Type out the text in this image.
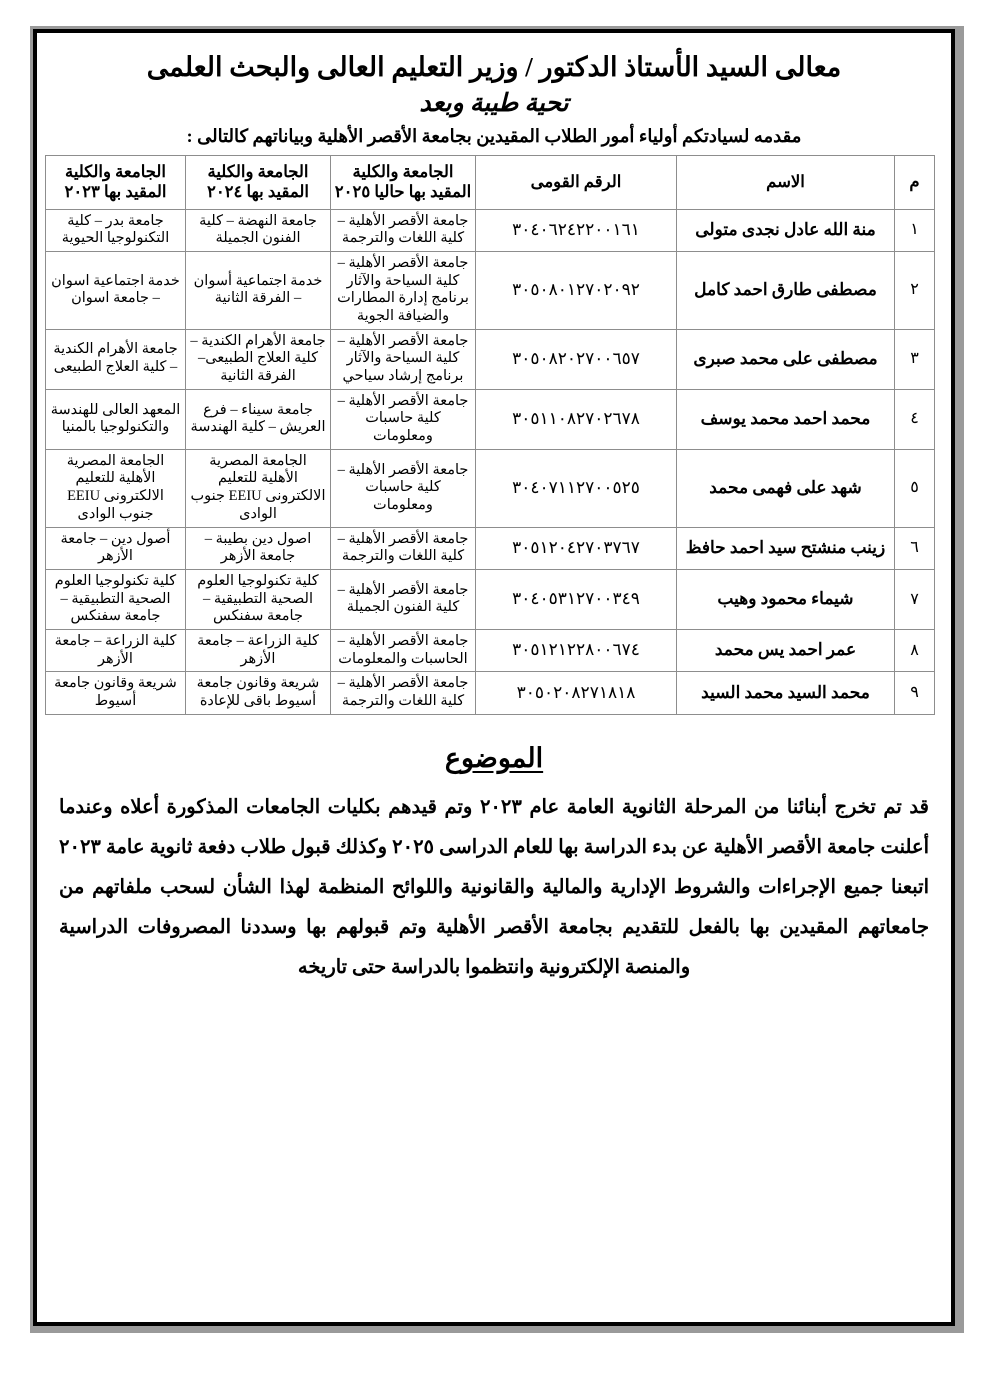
معالى السيد الأستاذ الدكتور / وزير التعليم العالى والبحث العلمى
تحية طيبة وبعد
مقدمه لسيادتكم أولياء أمور الطلاب المقيدين بجامعة الأقصر الأهلية وبياناتهم كالتالى :
م	الاسم	الرقم القومى	الجامعة والكلية المقيد بها حاليا ٢٠٢٥	الجامعة والكلية المقيد بها ٢٠٢٤	الجامعة والكلية المقيد بها ٢٠٢٣
١	منة الله عادل نجدى متولى	٣٠٤٠٦٢٤٢٢٠٠١٦١	جامعة الأقصر الأهلية – كلية اللغات والترجمة	جامعة النهضة – كلية الفنون الجميلة	جامعة بدر – كلية التكنولوجيا الحيوية
٢	مصطفى طارق احمد كامل	٣٠٥٠٨٠١٢٧٠٢٠٩٢	جامعة الأقصر الأهلية – كلية السياحة والآثار برنامج إدارة المطارات والضيافة الجوية	خدمة اجتماعية أسوان – الفرقة الثانية	خدمة اجتماعية اسوان – جامعة اسوان
٣	مصطفى على محمد صبرى	٣٠٥٠٨٢٠٢٧٠٠٦٥٧	جامعة الأقصر الأهلية – كلية السياحة والآثار برنامج إرشاد سياحي	جامعة الأهرام الكندية – كلية العلاج الطبيعى– الفرقة الثانية	جامعة الأهرام الكندية – كلية العلاج الطبيعى
٤	محمد احمد محمد يوسف	٣٠٥١١٠٨٢٧٠٢٦٧٨	جامعة الأقصر الأهلية – كلية حاسبات ومعلومات	جامعة سيناء – فرع العريش – كلية الهندسة	المعهد العالى للهندسة والتكنولوجيا بالمنيا
٥	شهد على فهمى محمد	٣٠٤٠٧١١٢٧٠٠٥٢٥	جامعة الأقصر الأهلية – كلية حاسبات ومعلومات	الجامعة المصرية الأهلية للتعليم الالكترونى EEIU جنوب الوادى	الجامعة المصرية الأهلية للتعليم الالكترونى EEIU جنوب الوادى
٦	زينب منشتح سيد احمد حافظ	٣٠٥١٢٠٤٢٧٠٣٧٦٧	جامعة الأقصر الأهلية – كلية اللغات والترجمة	اصول دين بطيبة – جامعة الأزهر	أصول دين – جامعة الأزهر
٧	شيماء محمود وهيب	٣٠٤٠٥٣١٢٧٠٠٣٤٩	جامعة الأقصر الأهلية – كلية الفنون الجميلة	كلية تكنولوجيا العلوم الصحية التطبيقية – جامعة سفنكس	كلية تكنولوجيا العلوم الصحية التطبيقية – جامعة سفنكس
٨	عمر احمد يس محمد	٣٠٥١٢١٢٢٨٠٠٦٧٤	جامعة الأقصر الأهلية – الحاسبات والمعلومات	كلية الزراعة – جامعة الأزهر	كلية الزراعة – جامعة الأزهر
٩	محمد السيد محمد السيد	٣٠٥٠٢٠٨٢٧١٨١٨	جامعة الأقصر الأهلية – كلية اللغات والترجمة	شريعة وقانون جامعة أسيوط باقى للإعادة	شريعة وقانون جامعة أسيوط
الموضوع

قد تم تخرج أبنائنا من المرحلة الثانوية العامة عام ٢٠٢٣ وتم قيدهم بكليات الجامعات المذكورة أعلاه وعندما أعلنت جامعة الأقصر الأهلية عن بدء الدراسة بها للعام الدراسى ٢٠٢٥ وكذلك قبول طلاب دفعة ثانوية عامة ٢٠٢٣ اتبعنا جميع الإجراءات والشروط الإدارية والمالية والقانونية واللوائح المنظمة لهذا الشأن لسحب ملفاتهم من جامعاتهم المقيدين بها بالفعل للتقديم بجامعة الأقصر الأهلية وتم قبولهم بها وسددنا المصروفات الدراسية والمنصة الإلكترونية وانتظموا بالدراسة حتى تاريخه
